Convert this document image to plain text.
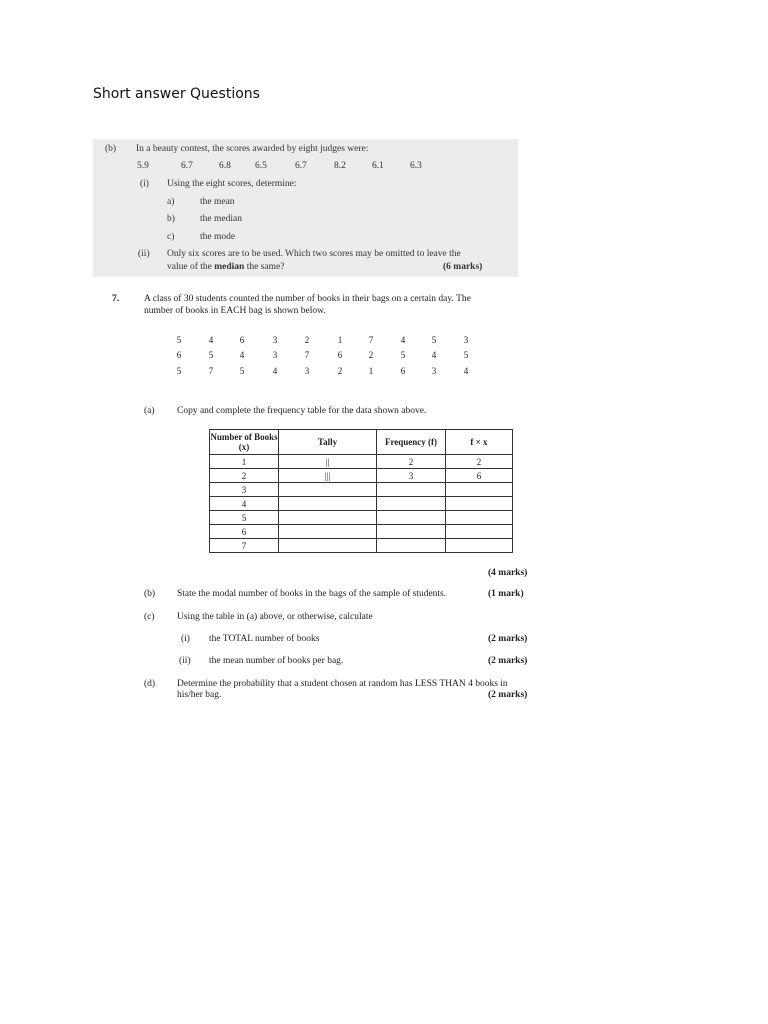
Short answer Questions
(b) In a beauty contest, the scores awarded by eight judges were:
5.9	6.7	6.8	6.5	6.7	8.2	6.1	6.3
(i) Using the eight scores, determine:
a)	the mean
b)	the median
c)	the mode
(ii) Only six scores are to be used. Which two scores may be omitted to leave the
value of the median the same?	(6 marks)
7.	A class of 30 students counted the number of books in their bags on a certain day. The
number of books in EACH bag is shown below.
5	4	6	3	2	1	7	4	5	3
6	5	4	3	7	6	2	5	4	5
5	7	5	4	3	2	1	6	3	4
(a) Copy and complete the frequency table for the data shown above.
Number of Books (x)	Tally	Frequency (f)	f × x
1	||	2	2
2	|||	3	6
3			
4			
5			
6			
7			
(4 marks)
(b) State the modal number of books in the bags of the sample of students.	(1 mark)
(c) Using the table in (a) above, or otherwise, calculate
(i) the TOTAL number of books	(2 marks)
(ii) the mean number of books per bag.	(2 marks)
(d) Determine the probability that a student chosen at random has LESS THAN 4 books in
his/her bag.	(2 marks)
